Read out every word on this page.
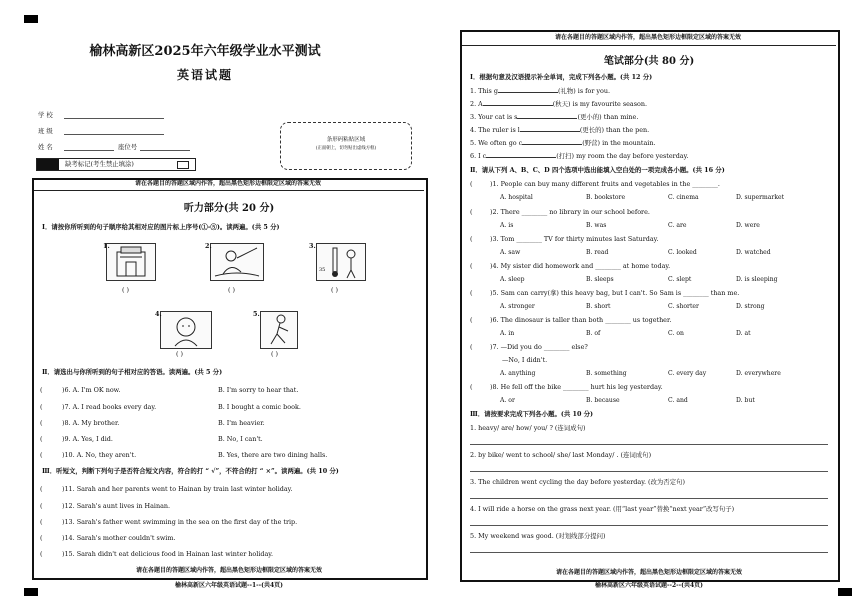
榆林高新区2025年六年级学业水平测试
英语试题
学 校
班 级
姓 名	座位号
缺考标记(考生禁止填涂)
条形码粘贴区域
(正面朝上，切勿贴出虚线方框)
请在各题目的答题区域内作答，超出黑色矩形边框限定区域的答案无效
听力部分(共 20 分)
I．请按你所听到的句子顺序给其相对应的图片标上序号(①-⑤)。读两遍。(共 5 分)
( )
1.
( )
2.
35
( )
3.
( )
4.
( )
5.
Ⅱ．请选出与你所听到的句子相对应的答语。读两遍。(共 5 分)
(	)6. A. I'm OK now.	B. I'm sorry to hear that.
(	)7. A. I read books every day.	B. I bought a comic book.
(	)8. A. My brother.	B. I'm heavier.
(	)9. A. Yes, I did.	B. No, I can't.
(	)10. A. No, they aren't.	B. Yes, there are two dining halls.
Ⅲ．听短文，判断下列句子是否符合短文内容，符合的打 “ √”，不符合的打 “ ×”。读两遍。(共 10 分)
(	)11. Sarah and her parents went to Hainan by train last winter holiday.
(	)12. Sarah's aunt lives in Hainan.
(	)13. Sarah's father went swimming in the sea on the first day of the trip.
(	)14. Sarah's mother couldn't swim.
(	)15. Sarah didn't eat delicious food in Hainan last winter holiday.
请在各题目的答题区域内作答，超出黑色矩形边框限定区域的答案无效
榆林高新区六年级英语试题--1--(共4页)
请在各题目的答题区域内作答，超出黑色矩形边框限定区域的答案无效
笔试部分(共 80 分)
I．根据句意及汉语提示补全单词，完成下列各小题。(共 12 分)
1. This g	(礼物) is for you.
2. A	(秋天) is my favourite season.
3. Your cat is s	(更小的) than mine.
4. The ruler is l	(更长的) than the pen.
5. We often go c	(野营) in the mountain.
6. I c	(打扫) my room the day before yesterday.
Ⅱ．请从下列 A、B、C、D 四个选项中选出能填入空白处的一项完成各小题。(共 16 分)
(	)1. People can buy many different fruits and vegetables in the ________.
A. hospital	B. bookstore	C. cinema	D. supermarket
(	)2. There ________ no library in our school before.
A. is	B. was	C. are	D. were
(	)3. Tom ________ TV for thirty minutes last Saturday.
A. saw	B. read	C. looked	D. watched
(	)4. My sister did homework and ________ at home today.
A. sleep	B. sleeps	C. slept	D. is sleeping
(	)5. Sam can carry(拿) this heavy bag, but I can't. So Sam is ________ than me.
A. stronger	B. short	C. shorter	D. strong
(	)6. The dinosaur is taller than both ________ us together.
A. in	B. of	C. on	D. at
(	)7. —Did you do ________ else?
—No, I didn't.
A. anything	B. something	C. every day	D. everywhere
(	)8. He fell off the bike ________ hurt his leg yesterday.
A. or	B. because	C. and	D. but
Ⅲ．请按要求完成下列各小题。(共 10 分)
1. heavy/ are/ how/ you/ ? (连词成句)
2. by bike/ went to school/ she/ last Monday/ . (连词成句)
3. The children went cycling the day before yesterday. (改为否定句)
4. I will ride a horse on the grass next year. (用“last year”替换“next year”改写句子)
5. My weekend was good. (对划线部分提问)
请在各题目的答题区域内作答，超出黑色矩形边框限定区域的答案无效
榆林高新区六年级英语试题--2--(共4页)
